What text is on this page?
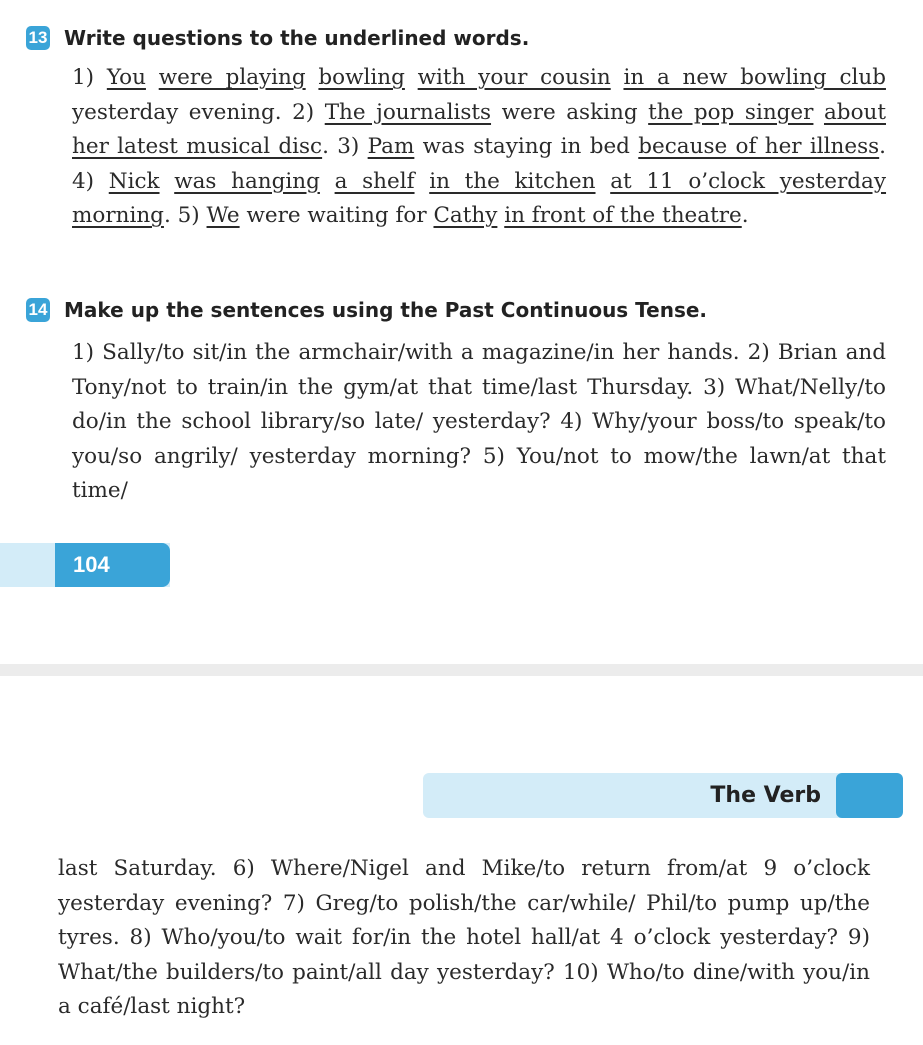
13 Write questions to the underlined words.

1) You were playing bowling with your cousin in a new bowling club yesterday evening. 2) The journalists were asking the pop singer about her latest musical disc. 3) Pam was staying in bed because of her illness. 4) Nick was hanging a shelf in the kitchen at 11 o’clock yesterday morning. 5) We were waiting for Cathy in front of the theatre.

14 Make up the sentences using the Past Continuous Tense.

1) Sally/to sit/in the armchair/with a magazine/in her hands. 2) Brian and Tony/not to train/in the gym/at that time/last Thursday. 3) What/Nelly/to do/in the school library/so late/ yesterday? 4) Why/your boss/to speak/to you/so angrily/ yesterday morning? 5) You/not to mow/the lawn/at that time/

104
The Verb

last Saturday. 6) Where/Nigel and Mike/to return from/at 9 o’clock yesterday evening? 7) Greg/to polish/the car/while/ Phil/to pump up/the tyres. 8) Who/you/to wait for/in the hotel hall/at 4 o’clock yesterday? 9) What/the builders/to paint/all day yesterday? 10) Who/to dine/with you/in a café/last night?
